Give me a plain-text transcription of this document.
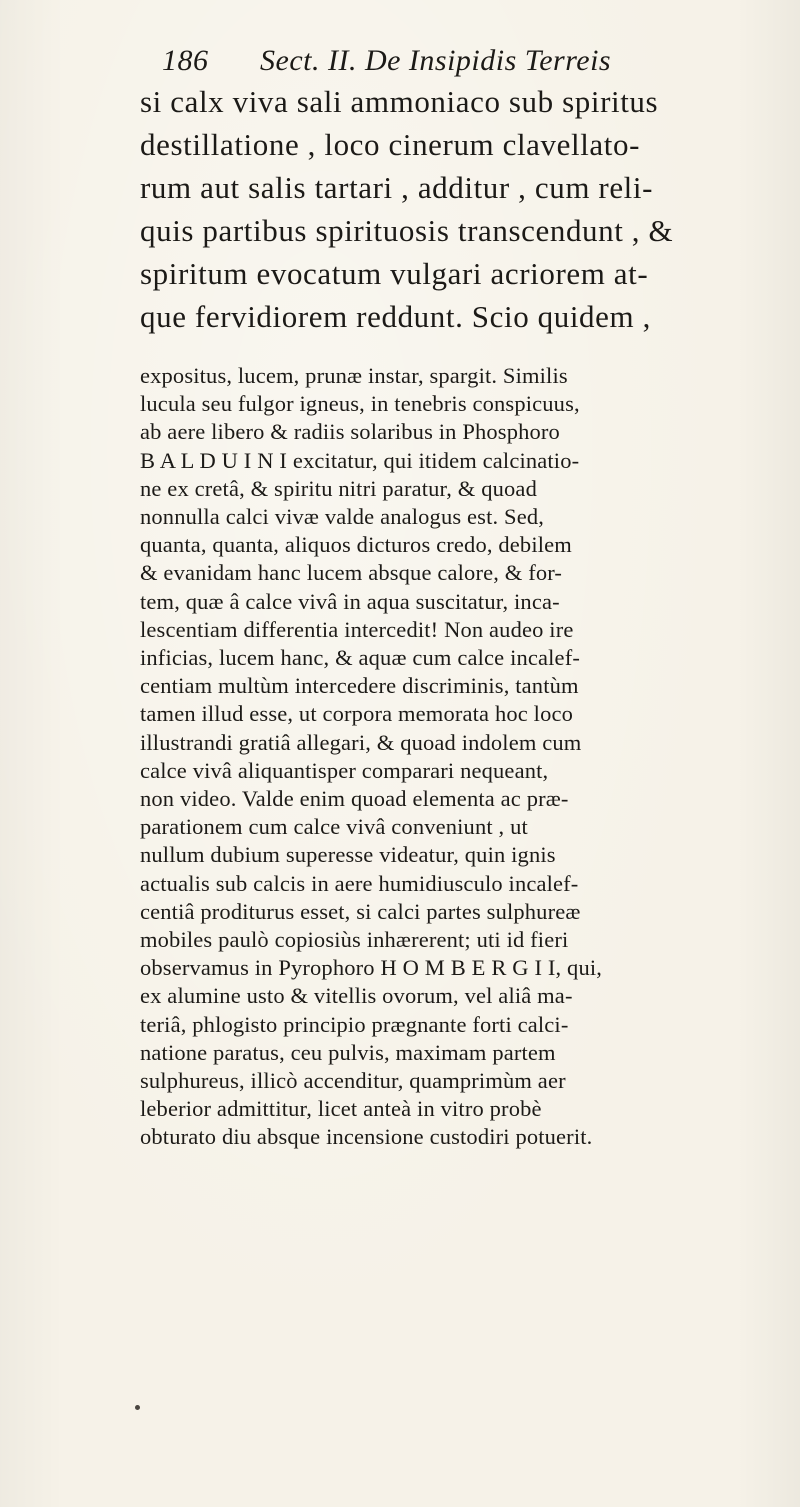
186 Sect. II. De Insipidis Terreis
si calx viva sali ammoniaco sub spiritus
destillatione , loco cinerum clavellato-
rum aut salis tartari , additur , cum reli-
quis partibus spirituosis transcendunt , &
spiritum evocatum vulgari acriorem at-
que fervidiorem reddunt. Scio quidem ,
expositus, lucem, prunæ instar, spargit. Similis
lucula seu fulgor igneus, in tenebris conspicuus,
ab aere libero & radiis solaribus in Phosphoro
B A L D U I N I excitatur, qui itidem calcinatio-
ne ex cretâ, & spiritu nitri paratur, & quoad
nonnulla calci vivæ valde analogus est. Sed,
quanta, quanta, aliquos dicturos credo, debilem
& evanidam hanc lucem absque calore, & for-
tem, quæ â calce vivâ in aqua suscitatur, inca-
lescentiam differentia intercedit! Non audeo ire
inficias, lucem hanc, & aquæ cum calce incalef-
centiam multùm intercedere discriminis, tantùm
tamen illud esse, ut corpora memorata hoc loco
illustrandi gratiâ allegari, & quoad indolem cum
calce vivâ aliquantisper comparari nequeant,
non video. Valde enim quoad elementa ac præ-
parationem cum calce vivâ conveniunt , ut
nullum dubium superesse videatur, quin ignis
actualis sub calcis in aere humidiusculo incalef-
centiâ proditurus esset, si calci partes sulphureæ
mobiles paulò copiosiùs inhærerent; uti id fieri
observamus in Pyrophoro H O M B E R G I I, qui,
ex alumine usto & vitellis ovorum, vel aliâ ma-
teriâ, phlogisto principio prægnante forti calci-
natione paratus, ceu pulvis, maximam partem
sulphureus, illicò accenditur, quamprimùm aer
leberior admittitur, licet anteà in vitro probè
obturato diu absque incensione custodiri potuerit.
